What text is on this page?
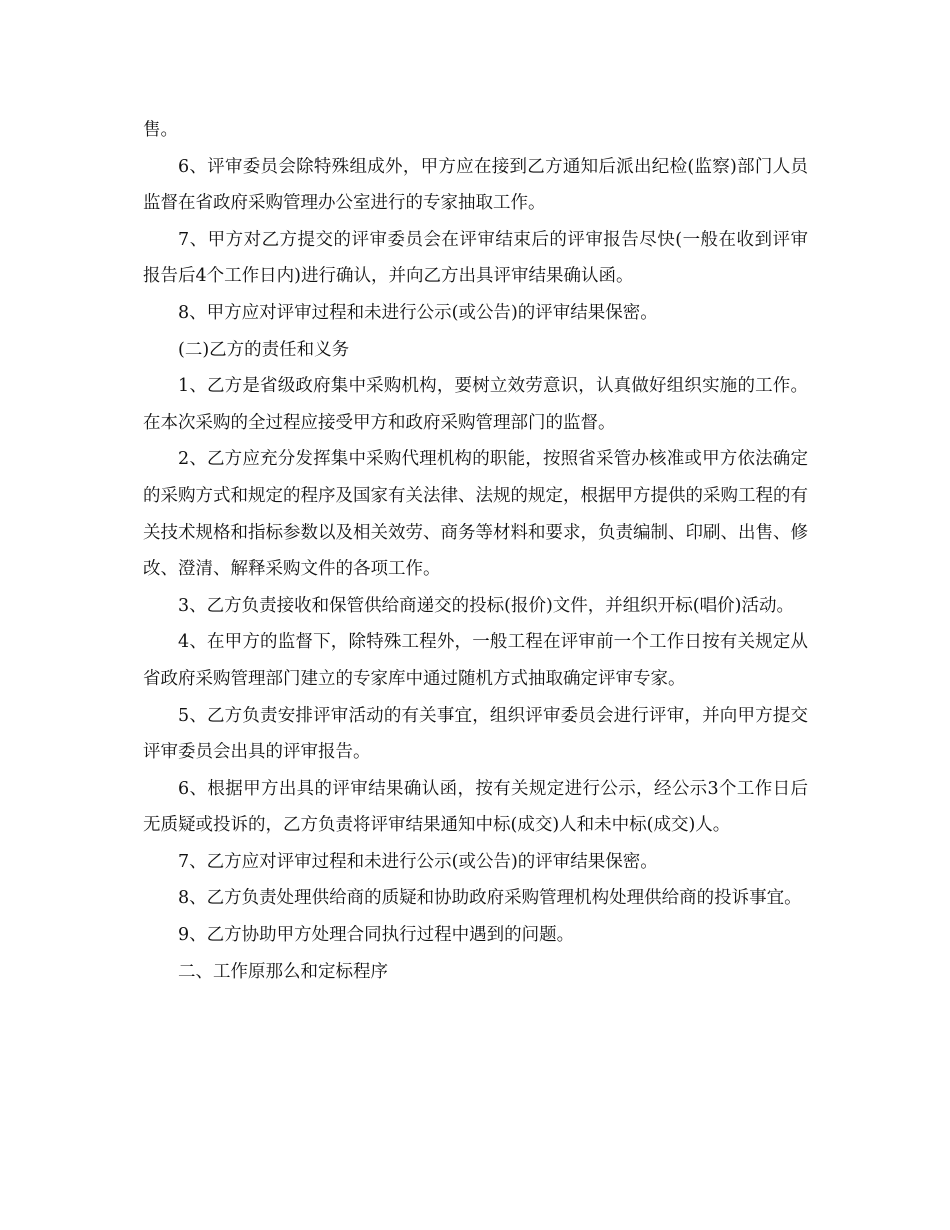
售。

6、评审委员会除特殊组成外，甲方应在接到乙方通知后派出纪检(监察)部门人员监督在省政府采购管理办公室进行的专家抽取工作。

7、甲方对乙方提交的评审委员会在评审结束后的评审报告尽快(一般在收到评审报告后4个工作日内)进行确认，并向乙方出具评审结果确认函。

8、甲方应对评审过程和未进行公示(或公告)的评审结果保密。

(二)乙方的责任和义务

1、乙方是省级政府集中采购机构，要树立效劳意识，认真做好组织实施的工作。在本次采购的全过程应接受甲方和政府采购管理部门的监督。

2、乙方应充分发挥集中采购代理机构的职能，按照省采管办核准或甲方依法确定的采购方式和规定的程序及国家有关法律、法规的规定，根据甲方提供的采购工程的有关技术规格和指标参数以及相关效劳、商务等材料和要求，负责编制、印刷、出售、修改、澄清、解释采购文件的各项工作。

3、乙方负责接收和保管供给商递交的投标(报价)文件，并组织开标(唱价)活动。

4、在甲方的监督下，除特殊工程外，一般工程在评审前一个工作日按有关规定从省政府采购管理部门建立的专家库中通过随机方式抽取确定评审专家。

5、乙方负责安排评审活动的有关事宜，组织评审委员会进行评审，并向甲方提交评审委员会出具的评审报告。

6、根据甲方出具的评审结果确认函，按有关规定进行公示，经公示3个工作日后无质疑或投诉的，乙方负责将评审结果通知中标(成交)人和未中标(成交)人。

7、乙方应对评审过程和未进行公示(或公告)的评审结果保密。

8、乙方负责处理供给商的质疑和协助政府采购管理机构处理供给商的投诉事宜。

9、乙方协助甲方处理合同执行过程中遇到的问题。

二、工作原那么和定标程序
